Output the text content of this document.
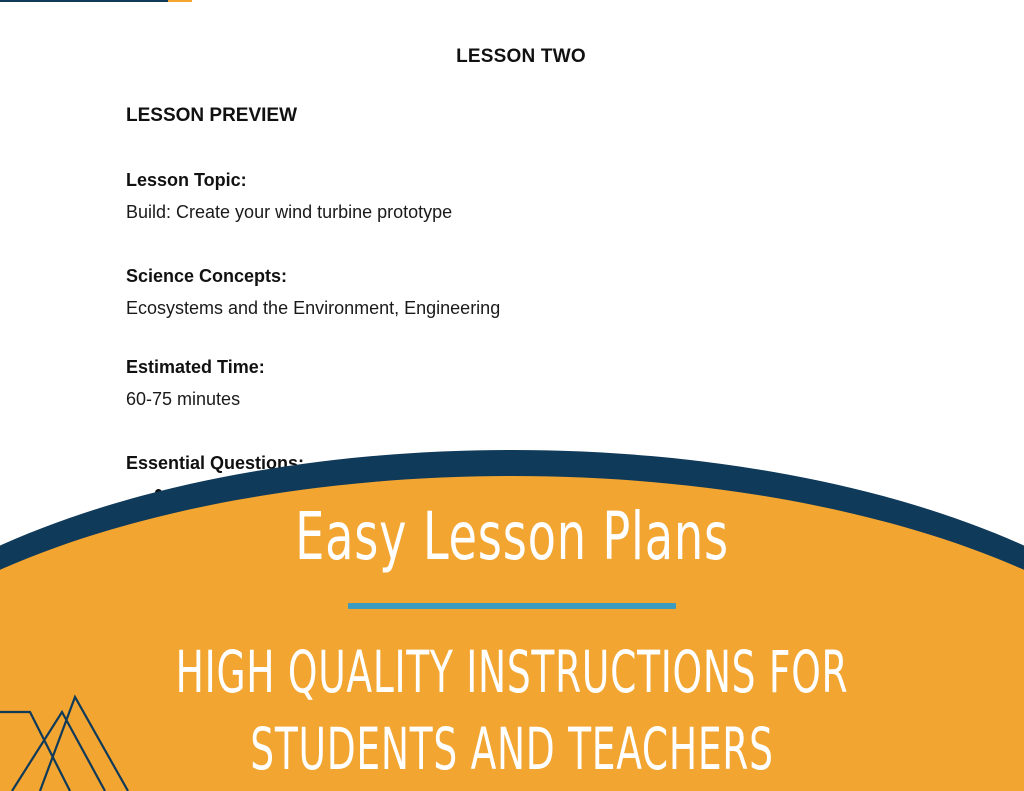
LESSON TWO
LESSON PREVIEW
Lesson Topic:
Build: Create your wind turbine prototype
Science Concepts:
Ecosystems and the Environment, Engineering
Estimated Time:
60-75 minutes
Essential Questions:
Easy Lesson Plans
HIGH QUALITY INSTRUCTIONS FOR
STUDENTS AND TEACHERS
